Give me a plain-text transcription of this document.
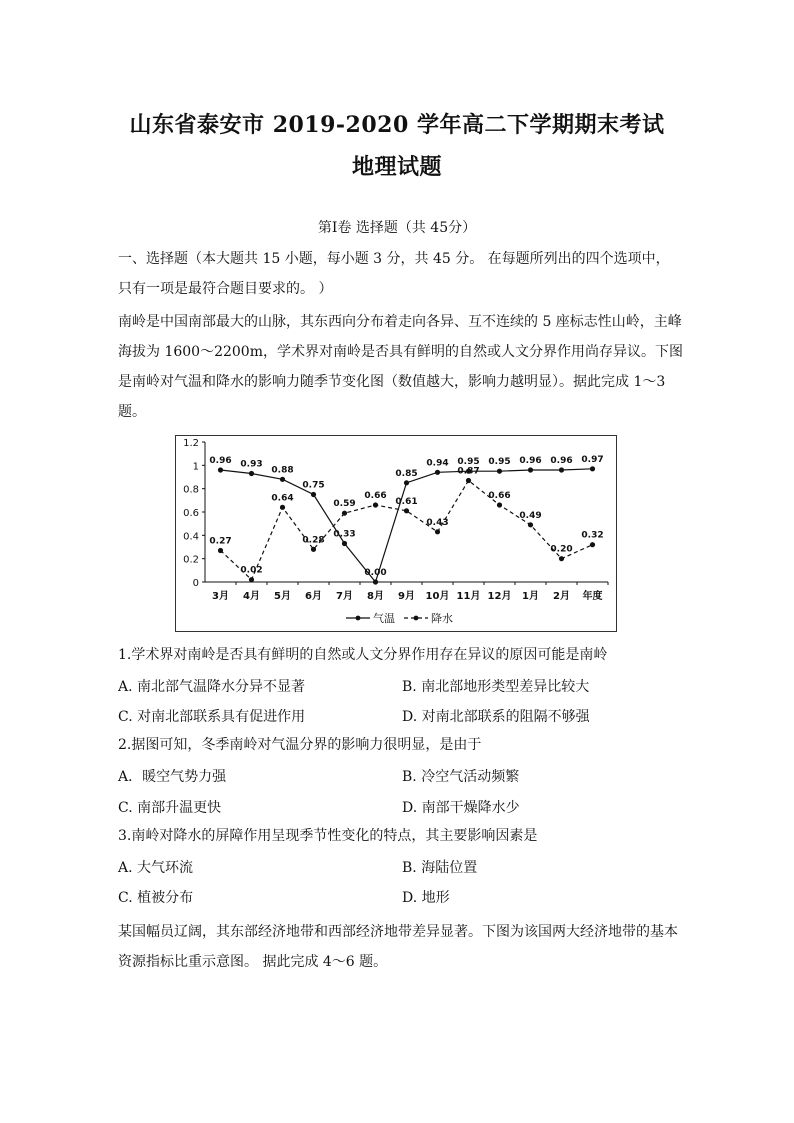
山东省泰安市 2019-2020 学年高二下学期期末考试
地理试题
第Ⅰ卷 选择题（共 45分）
一、选择题（本大题共 15 小题，每小题 3 分，共 45 分。 在每题所列出的四个选项中，
只有一项是最符合题目要求的。 ）
南岭是中国南部最大的山脉，其东西向分布着走向各异、互不连续的 5 座标志性山岭，主峰
海拔为 1600～2200m，学术界对南岭是否具有鲜明的自然或人文分界作用尚存异议。下图
是南岭对气温和降水的影响力随季节变化图（数值越大，影响力越明显）。据此完成 1～3
题。
0
0.2
0.4
0.6
0.8
1
1.2
3月 4月 5月 6月 7月 8月 9月 10月 11月 12月 1月 2月 年度
0.96 0.93
0.88
0.75
0.33
0.00
0.85
0.94 0.95 0.95 0.96 0.96 0.97
0.27
0.02
0.64
0.28
0.59
0.66
0.61
0.43
0.87
0.66
0.49
0.20
0.32
气温	降水
1.学术界对南岭是否具有鲜明的自然或人文分界作用存在异议的原因可能是南岭
A. 南北部气温降水分异不显著	B. 南北部地形类型差异比较大
C. 对南北部联系具有促进作用	D. 对南北部联系的阻隔不够强
2.据图可知，冬季南岭对气温分界的影响力很明显，是由于
A．暖空气势力强	B. 冷空气活动频繁
C. 南部升温更快	D. 南部干燥降水少
3.南岭对降水的屏障作用呈现季节性变化的特点，其主要影响因素是
A. 大气环流	B. 海陆位置
C. 植被分布	D. 地形
某国幅员辽阔，其东部经济地带和西部经济地带差异显著。下图为该国两大经济地带的基本
资源指标比重示意图。 据此完成 4～6 题。
